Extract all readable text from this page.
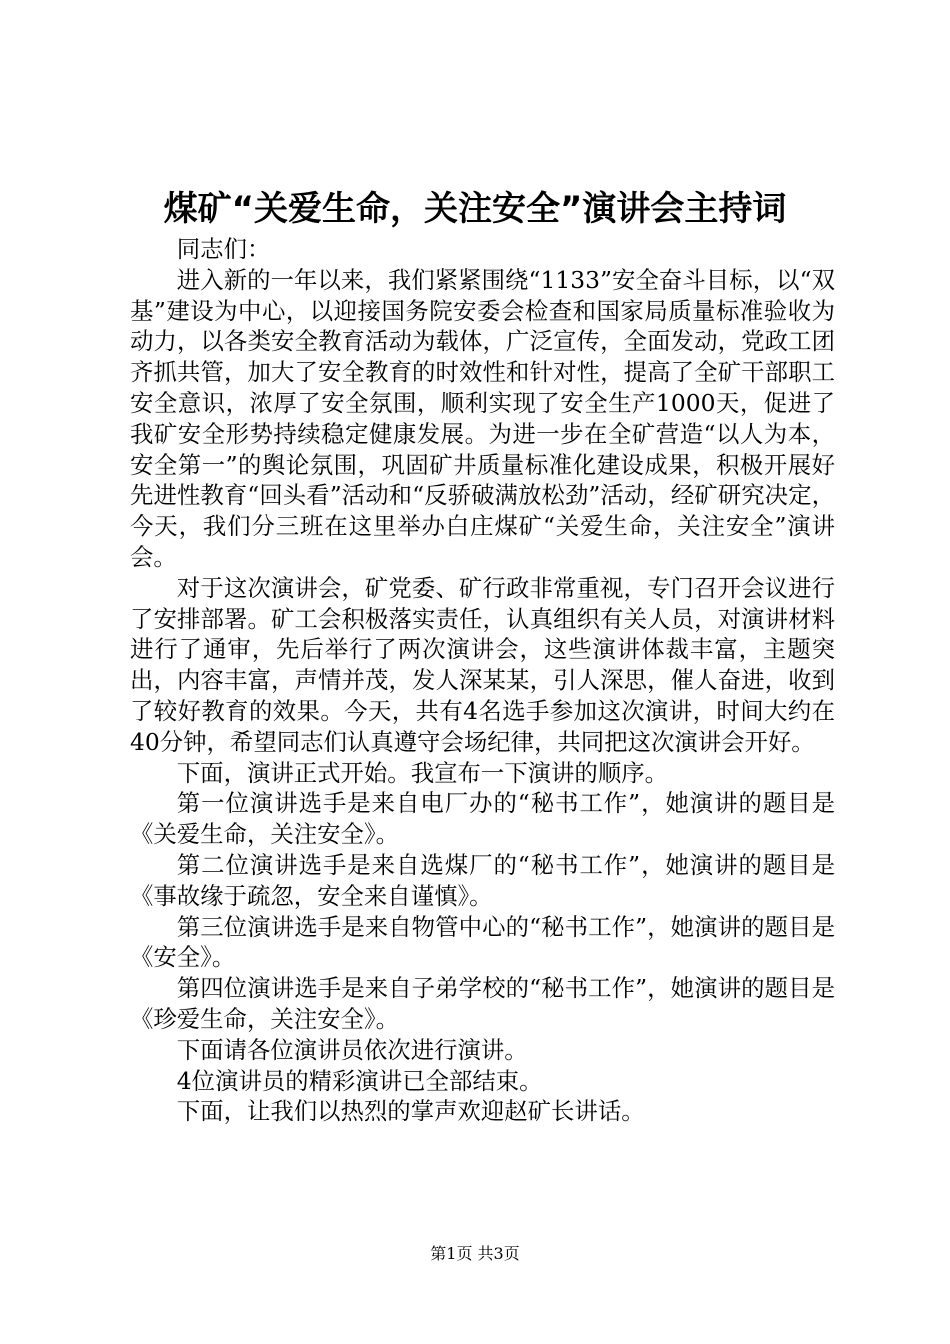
煤矿“关爱生命，关注安全”演讲会主持词

同志们：

进入新的一年以来，我们紧紧围绕“1133”安全奋斗目标，以“双基”建设为中心，以迎接国务院安委会检查和国家局质量标准验收为动力，以各类安全教育活动为载体，广泛宣传，全面发动，党政工团齐抓共管，加大了安全教育的时效性和针对性，提高了全矿干部职工安全意识，浓厚了安全氛围，顺利实现了安全生产1000天，促进了我矿安全形势持续稳定健康发展。为进一步在全矿营造“以人为本，安全第一”的舆论氛围，巩固矿井质量标准化建设成果，积极开展好先进性教育“回头看”活动和“反骄破满放松劲”活动，经矿研究决定，今天，我们分三班在这里举办白庄煤矿“关爱生命，关注安全”演讲会。

对于这次演讲会，矿党委、矿行政非常重视，专门召开会议进行了安排部署。矿工会积极落实责任，认真组织有关人员，对演讲材料进行了通审，先后举行了两次演讲会，这些演讲体裁丰富，主题突出，内容丰富，声情并茂，发人深某某，引人深思，催人奋进，收到了较好教育的效果。今天，共有4名选手参加这次演讲，时间大约在40分钟，希望同志们认真遵守会场纪律，共同把这次演讲会开好。

下面，演讲正式开始。我宣布一下演讲的顺序。

第一位演讲选手是来自电厂办的“秘书工作”，她演讲的题目是《关爱生命，关注安全》。

第二位演讲选手是来自选煤厂的“秘书工作”，她演讲的题目是《事故缘于疏忽，安全来自谨慎》。

第三位演讲选手是来自物管中心的“秘书工作”，她演讲的题目是《安全》。

第四位演讲选手是来自子弟学校的“秘书工作”，她演讲的题目是《珍爱生命，关注安全》。

下面请各位演讲员依次进行演讲。

4位演讲员的精彩演讲已全部结束。

下面，让我们以热烈的掌声欢迎赵矿长讲话。

第1页 共3页
